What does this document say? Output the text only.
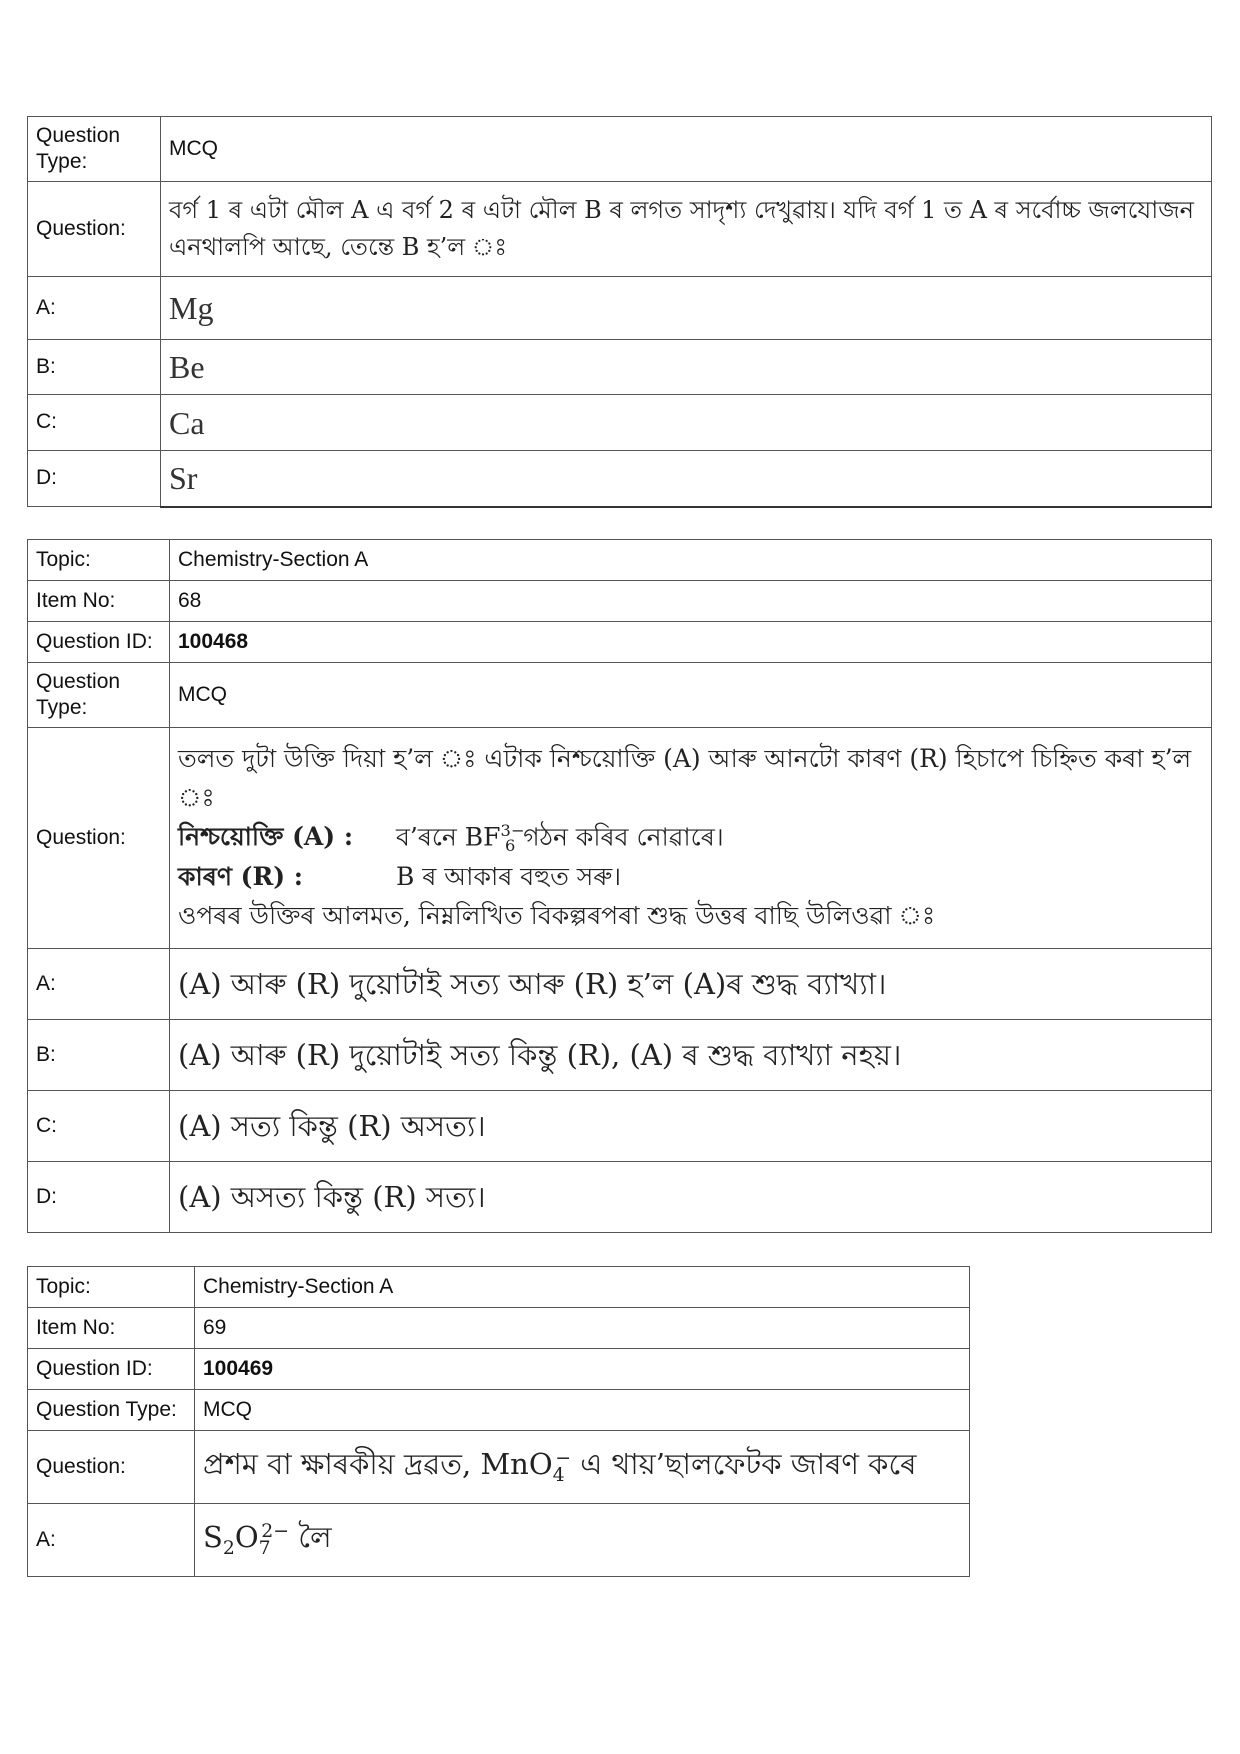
Question
Type:	MCQ
Question:	বৰ্গ 1 ৰ এটা মৌল A এ বৰ্গ 2 ৰ এটা মৌল B ৰ লগত সাদৃশ্য দেখুৱায়। যদি বৰ্গ 1 ত A ৰ সৰ্বোচ্চ জলযোজন এনথালপি আছে, তেন্তে B হ’ল ঃ
A:	Mg
B:	Be
C:	Ca
D:	Sr
Topic:	Chemistry-Section A
Item No:	68
Question ID:	100468
Question
Type:	MCQ
Question:	তলত দুটা উক্তি দিয়া হ’ল ঃ এটাক নিশ্চয়োক্তি (A) আৰু আনটো কাৰণ (R) হিচাপে চিহ্নিত কৰা হ’ল ঃ
নিশ্চয়োক্তি (A) : ব’ৰনে $BF^{3-}_6$ গঠন কৰিব নোৱাৰে।
কাৰণ (R) : B ৰ আকাৰ বহুত সৰু।
ওপৰৰ উক্তিৰ আলমত, নিম্নলিখিত বিকল্পৰপৰা শুদ্ধ উত্তৰ বাছি উলিওৱা ঃ

A:	(A) আৰু (R) দুয়োটাই সত্য আৰু (R) হ’ল (A)ৰ শুদ্ধ ব্যাখ্যা।
B:	(A) আৰু (R) দুয়োটাই সত্য কিন্তু (R), (A) ৰ শুদ্ধ ব্যাখ্যা নহয়।
C:	(A) সত্য কিন্তু (R) অসত্য।
D:	(A) অসত্য কিন্তু (R) সত্য।
Topic:	Chemistry-Section A
Item No:	69
Question ID:	100469
Question Type:	MCQ
Question:	প্ৰশম বা ক্ষাৰকীয় দ্ৰৱত, MnO$_4$− এ থায়’ছালফেটক জাৰণ কৰে
A:	$S_2O_7^{2-}$ লৈ
